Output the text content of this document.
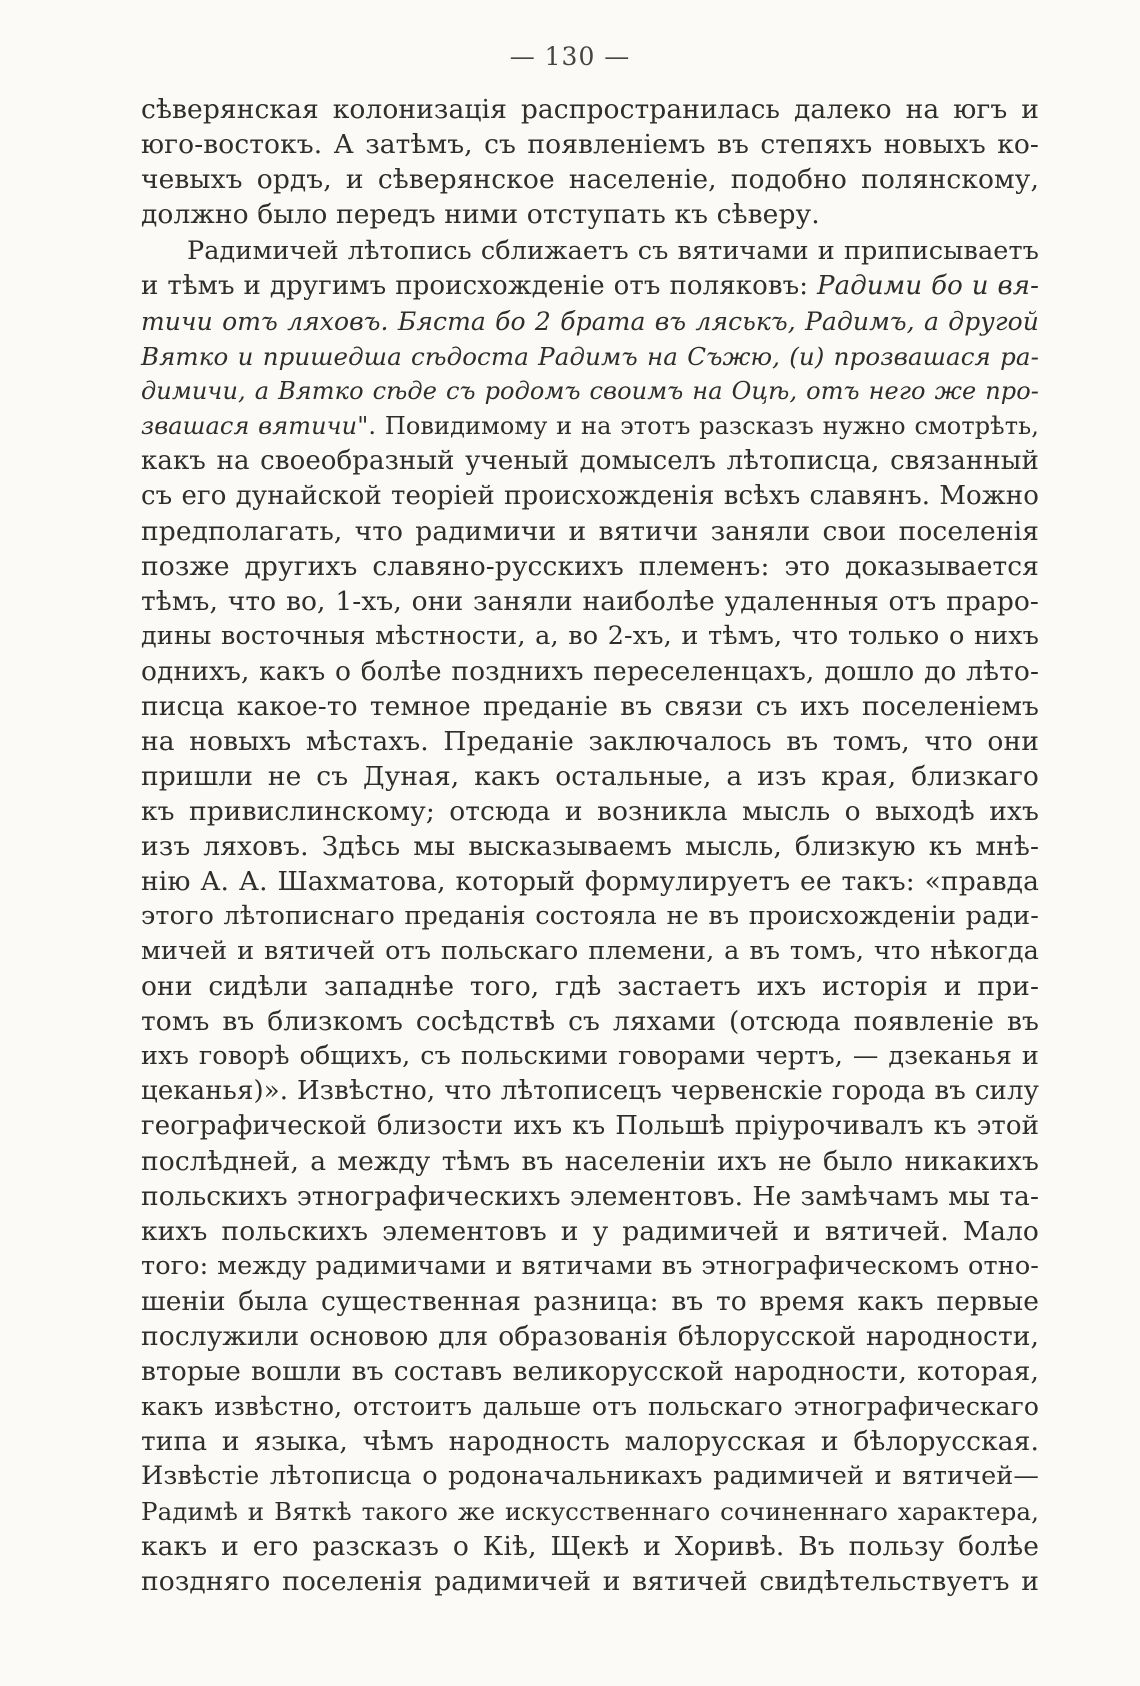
— 130 —
сѣверянская колонизація распространилась далеко на югъ и
юго-востокъ. А затѣмъ, съ появленіемъ въ степяхъ новыхъ ко-
чевыхъ ордъ, и сѣверянское населеніе, подобно полянскому,
должно было передъ ними отступать къ сѣверу.
Радимичей лѣтопись сближаетъ съ вятичами и приписываетъ
и тѣмъ и другимъ происхожденіе отъ поляковъ: Радими бо и вя-
тичи отъ ляховъ. Бяста бо 2 брата въ ляськъ, Радимъ, а другой
Вятко и пришедша сѣдоста Радимъ на Съжю, (и) прозвашася ра-
димичи, а Вятко сѣде съ родомъ своимъ на Оцѣ, отъ него же про-
звашася вятичи". Повидимому и на этотъ разсказъ нужно смотрѣть,
какъ на своеобразный ученый домыселъ лѣтописца, связанный
съ его дунайской теоріей происхожденія всѣхъ славянъ. Можно
предполагать, что радимичи и вятичи заняли свои поселенія
позже другихъ славяно-русскихъ племенъ: это доказывается
тѣмъ, что во, 1-хъ, они заняли наиболѣе удаленныя отъ праро-
дины восточныя мѣстности, а, во 2-хъ, и тѣмъ, что только о нихъ
однихъ, какъ о болѣе позднихъ переселенцахъ, дошло до лѣто-
писца какое-то темное преданіе въ связи съ ихъ поселеніемъ
на новыхъ мѣстахъ. Преданіе заключалось въ томъ, что они
пришли не съ Дуная, какъ остальные, а изъ края, близкаго
къ привислинскому; отсюда и возникла мысль о выходѣ ихъ
изъ ляховъ. Здѣсь мы высказываемъ мысль, близкую къ мнѣ-
нію А. А. Шахматова, который формулируетъ ее такъ: «правда
этого лѣтописнаго преданія состояла не въ происхожденіи ради-
мичей и вятичей отъ польскаго племени, а въ томъ, что нѣкогда
они сидѣли западнѣе того, гдѣ застаетъ ихъ исторія и при-
томъ въ близкомъ сосѣдствѣ съ ляхами (отсюда появленіе въ
ихъ говорѣ общихъ, съ польскими говорами чертъ, — дзеканья и
цеканья)». Извѣстно, что лѣтописецъ червенскіе города въ силу
географической близости ихъ къ Польшѣ пріурочивалъ къ этой
послѣдней, а между тѣмъ въ населеніи ихъ не было никакихъ
польскихъ этнографическихъ элементовъ. Не замѣчамъ мы та-
кихъ польскихъ элементовъ и у радимичей и вятичей. Мало
того: между радимичами и вятичами въ этнографическомъ отно-
шеніи была существенная разница: въ то время какъ первые
послужили основою для образованія бѣлорусской народности,
вторые вошли въ составъ великорусской народности, которая,
какъ извѣстно, отстоитъ дальше отъ польскаго этнографическаго
типа и языка, чѣмъ народность малорусская и бѣлорусская.
Извѣстіе лѣтописца о родоначальникахъ радимичей и вятичей—
Радимѣ и Вяткѣ такого же искусственнаго сочиненнаго характера,
какъ и его разсказъ о Кіѣ, Щекѣ и Хоривѣ. Въ пользу болѣе
поздняго поселенія радимичей и вятичей свидѣтельствуетъ и
